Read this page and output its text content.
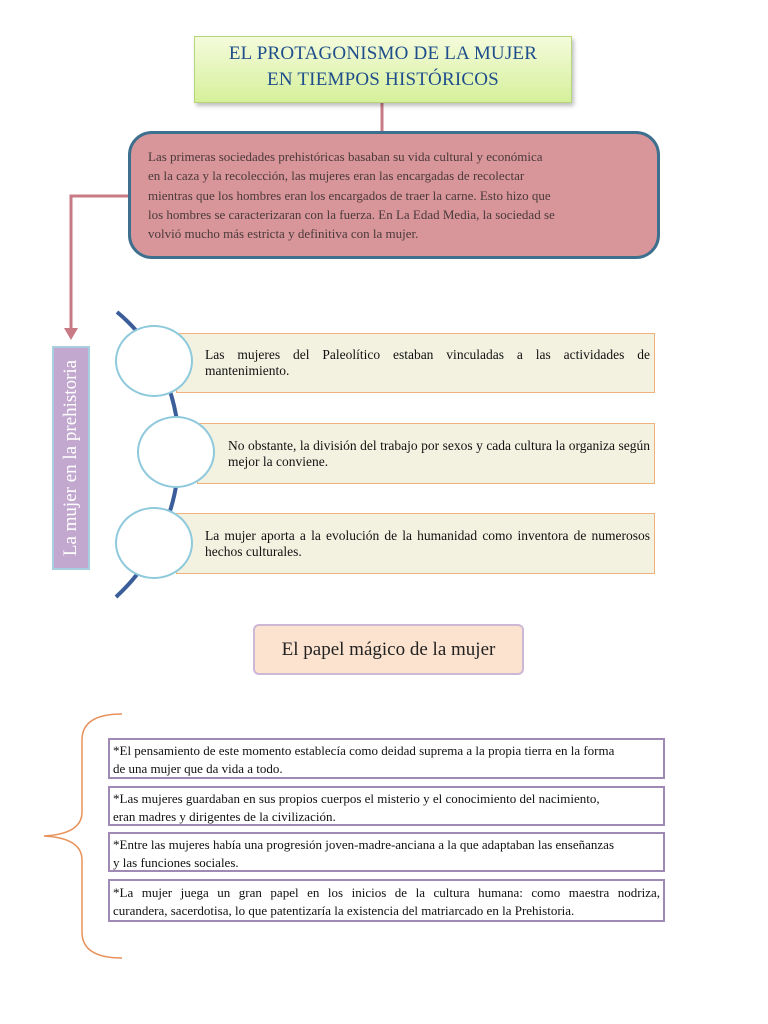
EL PROTAGONISMO DE LA MUJER
EN TIEMPOS HISTÓRICOS
Las primeras sociedades prehistóricas basaban su vida cultural y económica
en la caza y la recolección, las mujeres eran las encargadas de recolectar
mientras que los hombres eran los encargados de traer la carne. Esto hizo que
los hombres se caracterizaran con la fuerza. En La Edad Media, la sociedad se
volvió mucho más estricta y definitiva con la mujer.
La mujer en la prehistoria
Las mujeres del Paleolítico estaban vinculadas a las actividades de mantenimiento.
No obstante, la división del trabajo por sexos y cada cultura la organiza según mejor la conviene.
La mujer aporta a la evolución de la humanidad como inventora de numerosos hechos culturales.
El papel mágico de la mujer
*El pensamiento de este momento establecía como deidad suprema a la propia tierra en la forma
de una mujer que da vida a todo.
*Las mujeres guardaban en sus propios cuerpos el misterio y el conocimiento del nacimiento,
eran madres y dirigentes de la civilización.
*Entre las mujeres había una progresión joven-madre-anciana a la que adaptaban las enseñanzas
y las funciones sociales.
*La mujer juega un gran papel en los inicios de la cultura humana: como maestra nodriza,
curandera, sacerdotisa, lo que patentizaría la existencia del matriarcado en la Prehistoria.
